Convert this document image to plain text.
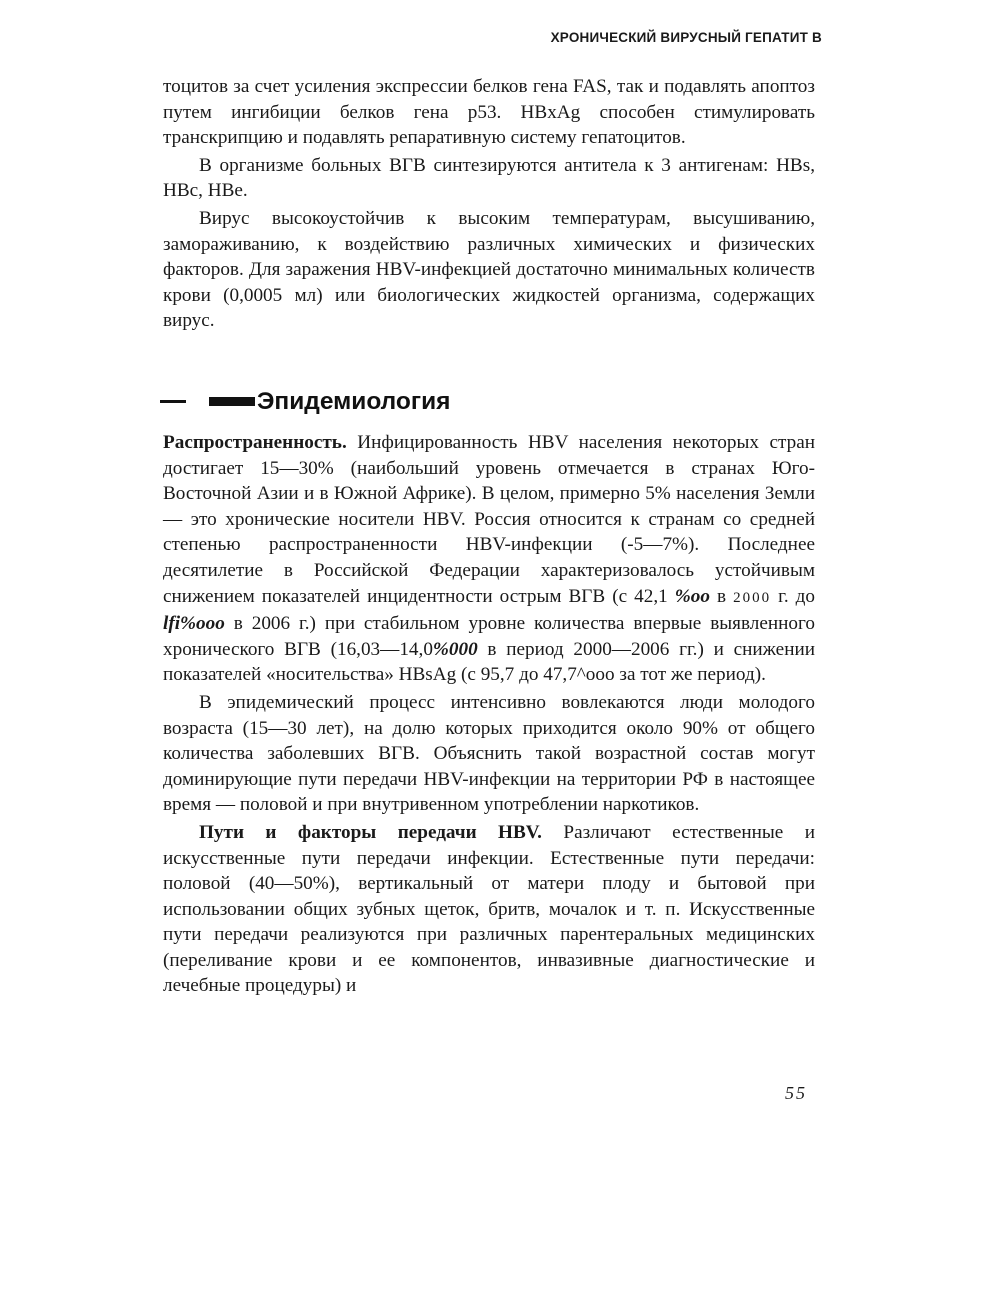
ХРОНИЧЕСКИЙ ВИРУСНЫЙ ГЕПАТИТ В

тоцитов за счет усиления экспрессии белков гена FAS, так и подавлять апоптоз путем ингибиции белков гена p53. HBxAg способен стимулировать транскрипцию и подавлять репаративную систему гепатоцитов.

В организме больных ВГВ синтезируются антитела к 3 антигенам: HBs, HBc, HBe.

Вирус высокоустойчив к высоким температурам, высушиванию, замораживанию, к воздействию различных химических и физических факторов. Для заражения HBV-инфекцией достаточно минимальных количеств крови (0,0005 мл) или биологических жидкостей организма, содержащих вирус.

Эпидемиология

Распространенность. Инфицированность HBV населения некоторых стран достигает 15—30% (наибольший уровень отмечается в странах Юго-Восточной Азии и в Южной Африке). В целом, примерно 5% населения Земли — это хронические носители HBV. Россия относится к странам со средней степенью распространенности HBV-инфекции (-5—7%). Последнее десятилетие в Российской Федерации характеризовалось устойчивым снижением показателей инцидентности острым ВГВ (с 42,1 %оо в 2000 г. до lfi%ooo в 2006 г.) при стабильном уровне количества впервые выявленного хронического ВГВ (16,03—14,0%000 в период 2000—2006 гг.) и снижении показателей «носительства» HBsAg (с 95,7 до 47,7^ооо за тот же период).

В эпидемический процесс интенсивно вовлекаются люди молодого возраста (15—30 лет), на долю которых приходится около 90% от общего количества заболевших ВГВ. Объяснить такой возрастной состав могут доминирующие пути передачи HBV-инфекции на территории РФ в настоящее время — половой и при внутривенном употреблении наркотиков.

Пути и факторы передачи HBV. Различают естественные и искусственные пути передачи инфекции. Естественные пути передачи: половой (40—50%), вертикальный от матери плоду и бытовой при использовании общих зубных щеток, бритв, мочалок и т. п. Искусственные пути передачи реализуются при различных парентеральных медицинских (переливание крови и ее компонентов, инвазивные диагностические и лечебные процедуры) и

55
